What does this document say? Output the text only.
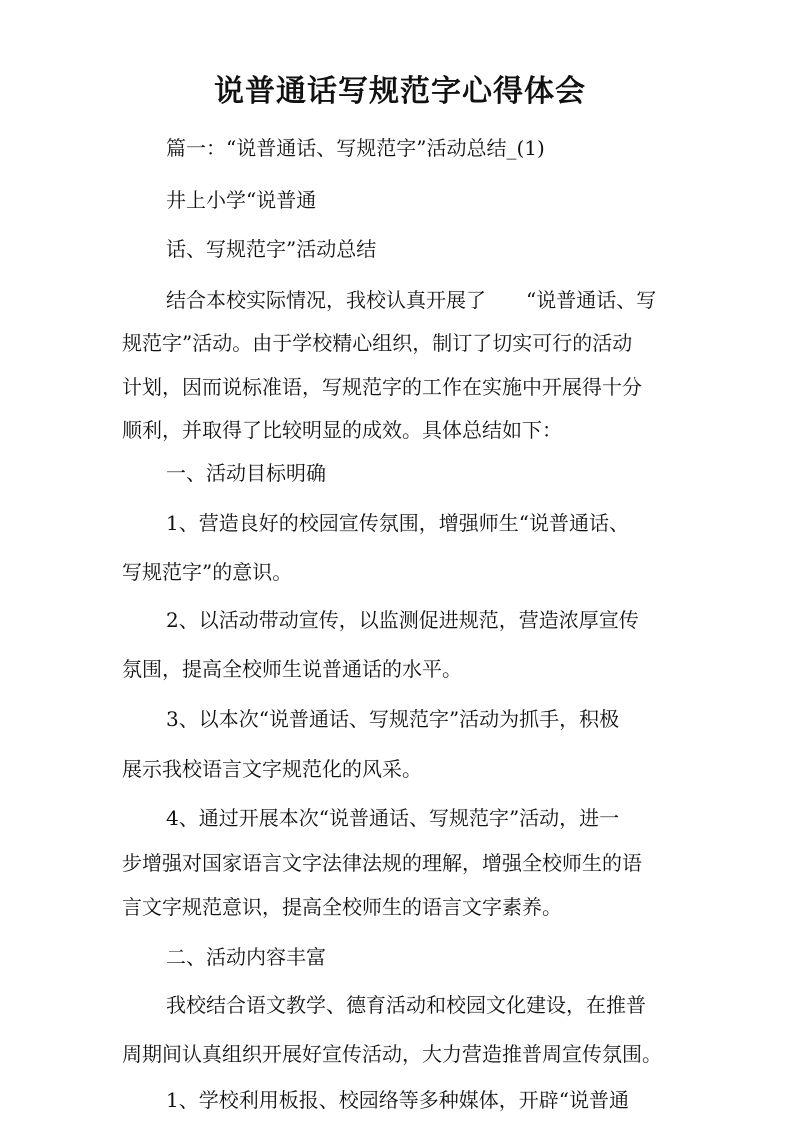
说普通话写规范字心得体会
篇一：“说普通话、写规范字”活动总结_(1)
井上小学“说普通
话、写规范字”活动总结
结合本校实际情况，我校认真开展了　　“说普通话、写
规范字”活动。由于学校精心组织，制订了切实可行的活动
计划，因而说标准语，写规范字的工作在实施中开展得十分
顺利，并取得了比较明显的成效。具体总结如下：
一、活动目标明确
1、营造良好的校园宣传氛围，增强师生“说普通话、
写规范字”的意识。
2、以活动带动宣传，以监测促进规范，营造浓厚宣传
氛围，提高全校师生说普通话的水平。
3、以本次“说普通话、写规范字”活动为抓手，积极
展示我校语言文字规范化的风采。
4、通过开展本次“说普通话、写规范字”活动，进一
步增强对国家语言文字法律法规的理解，增强全校师生的语
言文字规范意识，提高全校师生的语言文字素养。
二、活动内容丰富
我校结合语文教学、德育活动和校园文化建设，在推普
周期间认真组织开展好宣传活动，大力营造推普周宣传氛围。
1、学校利用板报、校园络等多种媒体，开辟“说普通
